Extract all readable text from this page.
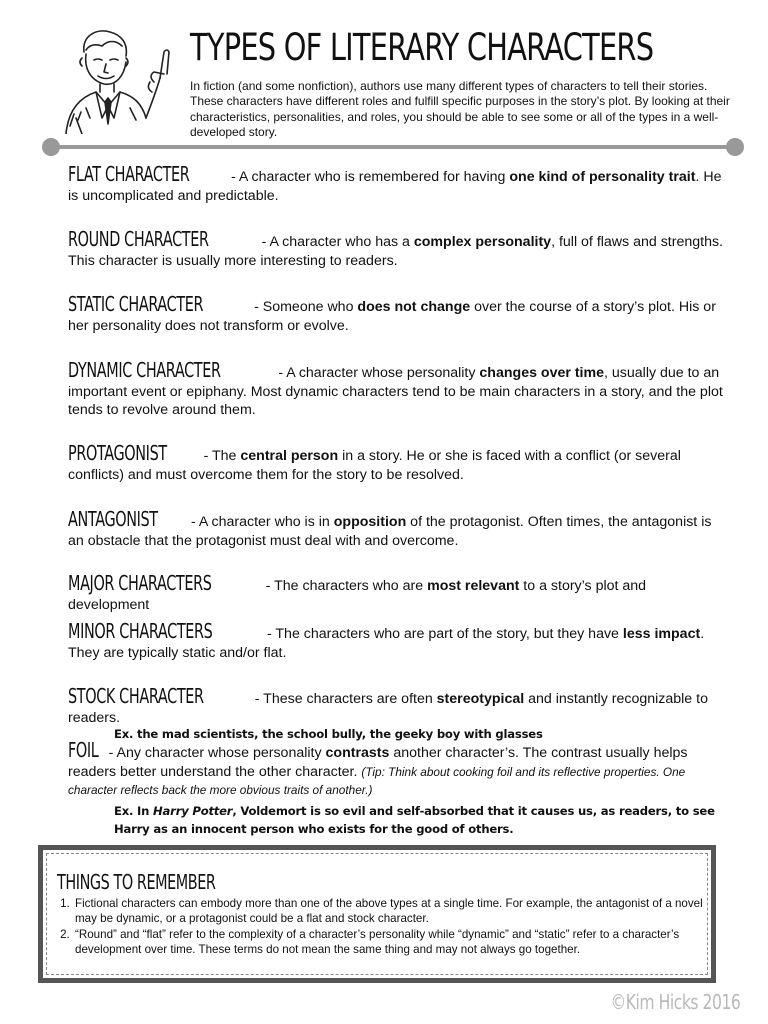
TYPES OF LITERARY CHARACTERS

In fiction (and some nonfiction), authors use many different types of characters to tell their stories. These characters have different roles and fulfill specific purposes in the story’s plot. By looking at their characteristics, personalities, and roles, you should be able to see some or all of the types in a well-developed story.

FLAT CHARACTER	- A character who is remembered for having one kind of personality trait. He is uncomplicated and predictable.

ROUND CHARACTER	- A character who has a complex personality, full of flaws and strengths. This character is usually more interesting to readers.

STATIC CHARACTER	- Someone who does not change over the course of a story’s plot. His or her personality does not transform or evolve.

DYNAMIC CHARACTER	- A character whose personality changes over time, usually due to an important event or epiphany. Most dynamic characters tend to be main characters in a story, and the plot tends to revolve around them.

PROTAGONIST - The central person in a story. He or she is faced with a conflict (or several conflicts) and must overcome them for the story to be resolved.

ANTAGONIST - A character who is in opposition of the protagonist. Often times, the antagonist is an obstacle that the protagonist must deal with and overcome.

MAJOR CHARACTERS	- The characters who are most relevant to a story’s plot and development

MINOR CHARACTERS	- The characters who are part of the story, but they have less impact. They are typically static and/or flat.

STOCK CHARACTER	- These characters are often stereotypical and instantly recognizable to readers.

Ex. the mad scientists, the school bully, the geeky boy with glasses

FOIL - Any character whose personality contrasts another character’s. The contrast usually helps readers better understand the other character. (Tip: Think about cooking foil and its reflective properties. One character reflects back the more obvious traits of another.)

Ex. In Harry Potter, Voldemort is so evil and self-absorbed that it causes us, as readers, to see Harry as an innocent person who exists for the good of others.

THINGS TO REMEMBER
1. Fictional characters can embody more than one of the above types at a single time. For example, the antagonist of a novel may be dynamic, or a protagonist could be a flat and stock character.
2. “Round” and “flat” refer to the complexity of a character’s personality while “dynamic” and “static” refer to a character’s development over time. These terms do not mean the same thing and may not always go together.
©Kim Hicks 2016
